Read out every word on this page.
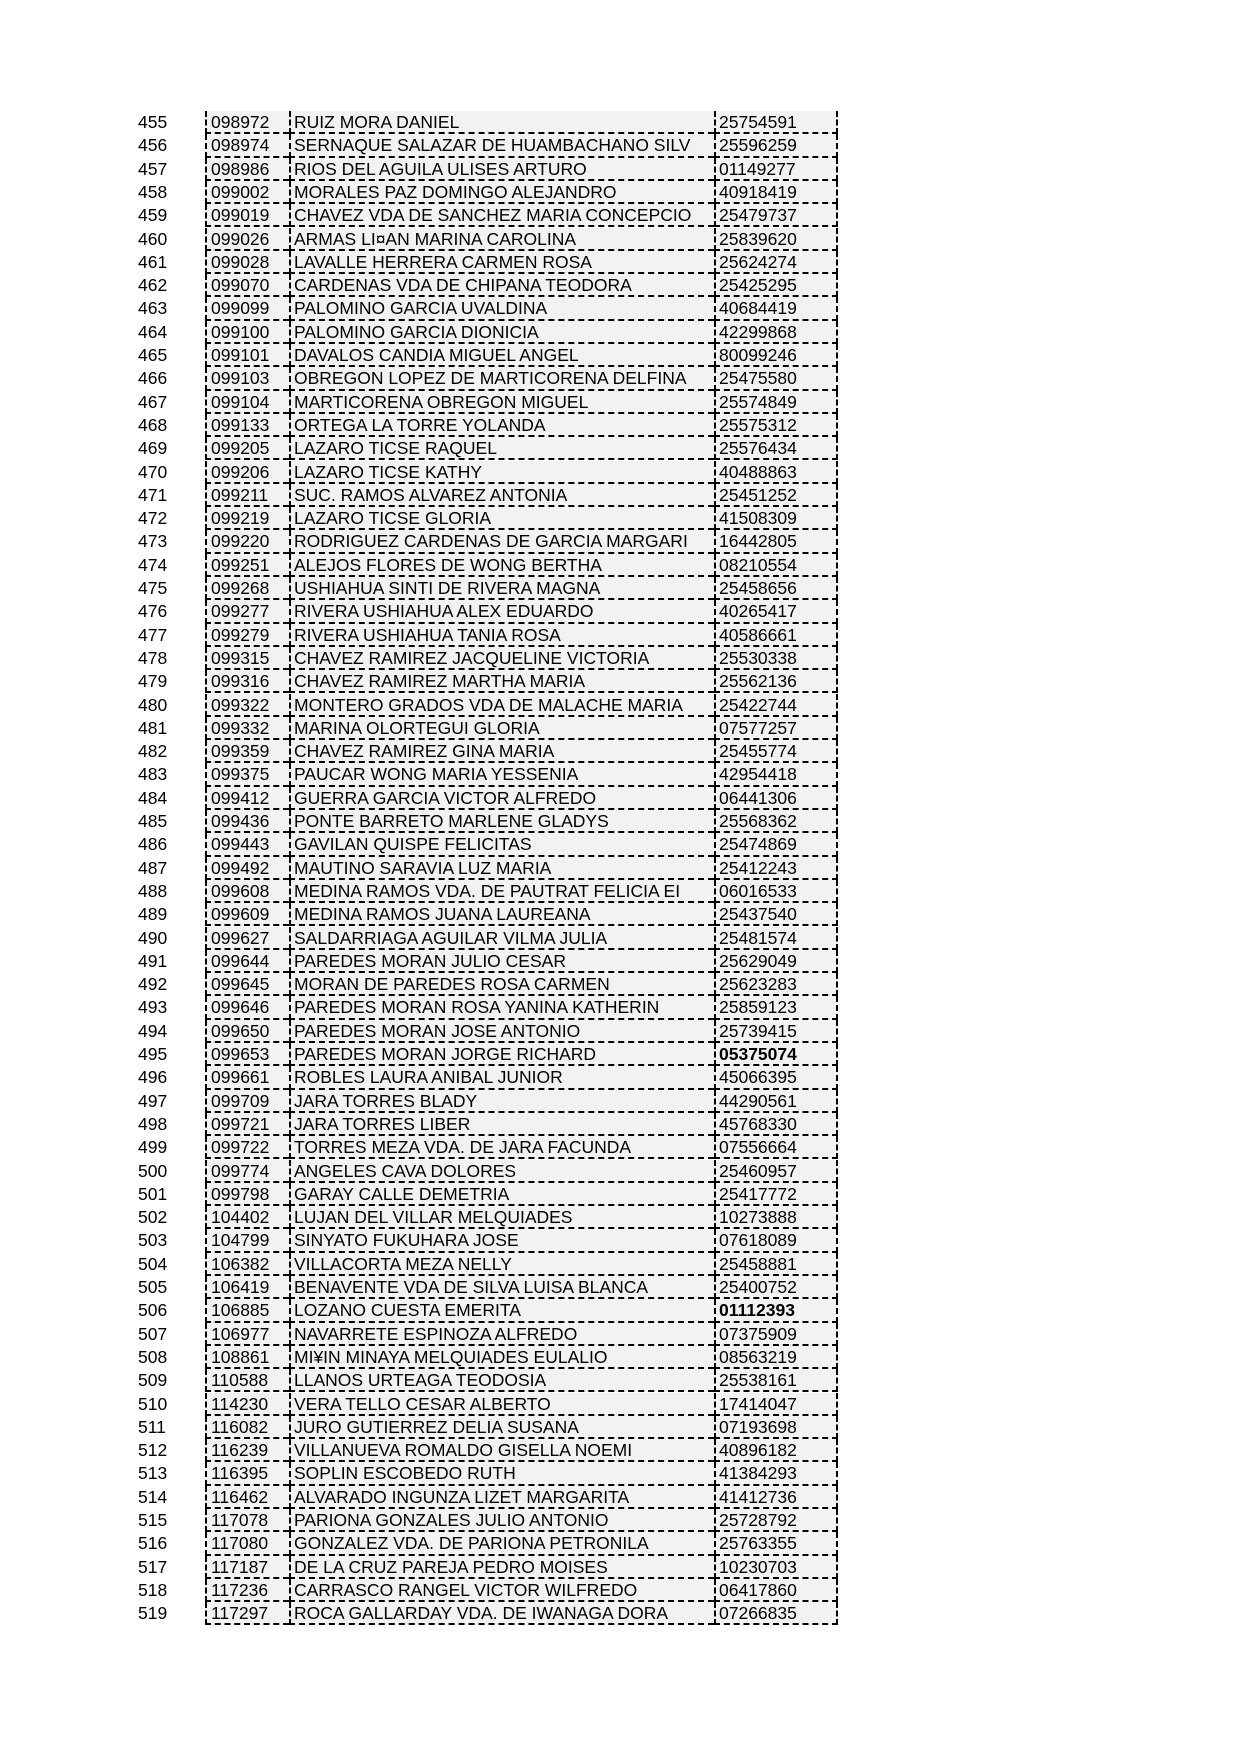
455	098972	RUIZ MORA DANIEL	25754591
456	098974	SERNAQUE SALAZAR DE HUAMBACHANO SILV	25596259
457	098986	RIOS DEL AGUILA ULISES ARTURO	01149277
458	099002	MORALES PAZ DOMINGO ALEJANDRO	40918419
459	099019	CHAVEZ VDA DE SANCHEZ MARIA CONCEPCIO	25479737
460	099026	ARMAS LI¤AN MARINA CAROLINA	25839620
461	099028	LAVALLE HERRERA CARMEN ROSA	25624274
462	099070	CARDENAS VDA DE CHIPANA TEODORA	25425295
463	099099	PALOMINO GARCIA UVALDINA	40684419
464	099100	PALOMINO GARCIA DIONICIA	42299868
465	099101	DAVALOS CANDIA MIGUEL ANGEL	80099246
466	099103	OBREGON LOPEZ DE MARTICORENA DELFINA	25475580
467	099104	MARTICORENA OBREGON MIGUEL	25574849
468	099133	ORTEGA LA TORRE YOLANDA	25575312
469	099205	LAZARO TICSE RAQUEL	25576434
470	099206	LAZARO TICSE KATHY	40488863
471	099211	SUC. RAMOS ALVAREZ ANTONIA	25451252
472	099219	LAZARO TICSE GLORIA	41508309
473	099220	RODRIGUEZ CARDENAS DE GARCIA MARGARI	16442805
474	099251	ALEJOS FLORES DE WONG BERTHA	08210554
475	099268	USHIAHUA SINTI DE RIVERA MAGNA	25458656
476	099277	RIVERA USHIAHUA ALEX EDUARDO	40265417
477	099279	RIVERA USHIAHUA TANIA ROSA	40586661
478	099315	CHAVEZ RAMIREZ JACQUELINE VICTORIA	25530338
479	099316	CHAVEZ RAMIREZ MARTHA MARIA	25562136
480	099322	MONTERO GRADOS VDA DE MALACHE MARIA	25422744
481	099332	MARINA OLORTEGUI GLORIA	07577257
482	099359	CHAVEZ RAMIREZ GINA MARIA	25455774
483	099375	PAUCAR WONG MARIA YESSENIA	42954418
484	099412	GUERRA GARCIA VICTOR ALFREDO	06441306
485	099436	PONTE BARRETO MARLENE GLADYS	25568362
486	099443	GAVILAN QUISPE FELICITAS	25474869
487	099492	MAUTINO SARAVIA LUZ MARIA	25412243
488	099608	MEDINA RAMOS VDA. DE PAUTRAT FELICIA EI	06016533
489	099609	MEDINA RAMOS JUANA LAUREANA	25437540
490	099627	SALDARRIAGA AGUILAR VILMA JULIA	25481574
491	099644	PAREDES MORAN JULIO CESAR	25629049
492	099645	MORAN DE PAREDES ROSA CARMEN	25623283
493	099646	PAREDES MORAN ROSA YANINA KATHERIN	25859123
494	099650	PAREDES MORAN JOSE ANTONIO	25739415
495	099653	PAREDES MORAN JORGE RICHARD	05375074
496	099661	ROBLES LAURA ANIBAL JUNIOR	45066395
497	099709	JARA TORRES BLADY	44290561
498	099721	JARA TORRES LIBER	45768330
499	099722	TORRES MEZA VDA. DE JARA FACUNDA	07556664
500	099774	ANGELES CAVA DOLORES	25460957
501	099798	GARAY CALLE DEMETRIA	25417772
502	104402	LUJAN DEL VILLAR MELQUIADES	10273888
503	104799	SINYATO FUKUHARA JOSE	07618089
504	106382	VILLACORTA MEZA NELLY	25458881
505	106419	BENAVENTE VDA DE SILVA LUISA BLANCA	25400752
506	106885	LOZANO CUESTA EMERITA	01112393
507	106977	NAVARRETE ESPINOZA ALFREDO	07375909
508	108861	MI¥IN MINAYA MELQUIADES EULALIO	08563219
509	110588	LLANOS URTEAGA TEODOSIA	25538161
510	114230	VERA TELLO CESAR ALBERTO	17414047
511	116082	JURO GUTIERREZ DELIA SUSANA	07193698
512	116239	VILLANUEVA ROMALDO GISELLA NOEMI	40896182
513	116395	SOPLIN ESCOBEDO RUTH	41384293
514	116462	ALVARADO INGUNZA LIZET MARGARITA	41412736
515	117078	PARIONA GONZALES JULIO ANTONIO	25728792
516	117080	GONZALEZ VDA. DE PARIONA PETRONILA	25763355
517	117187	DE LA CRUZ PAREJA PEDRO MOISES	10230703
518	117236	CARRASCO RANGEL VICTOR WILFREDO	06417860
519	117297	ROCA GALLARDAY VDA. DE IWANAGA DORA	07266835
